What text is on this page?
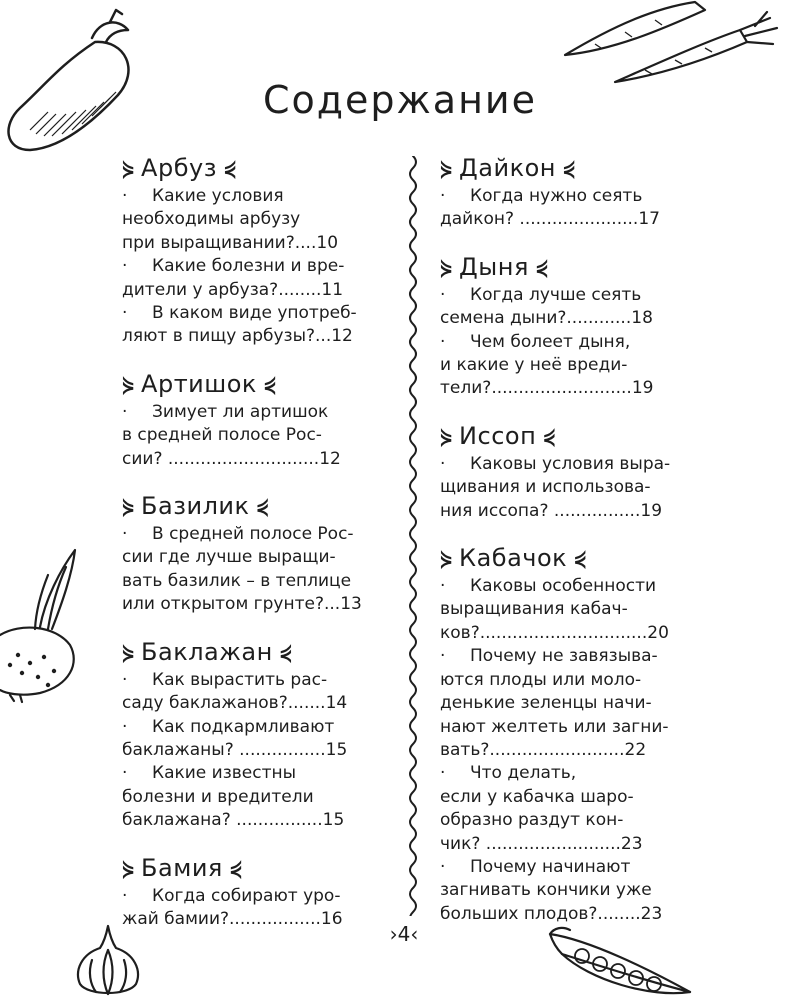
Содержание
⋟ Арбуз ⋞
· Какие условия
необходимы арбузу
при выращивании?....10
· Какие болезни и вре-
дители у арбуза?........11
· В каком виде употреб-
ляют в пищу арбузы?...12
⋟ Артишок ⋞
· Зимует ли артишок
в средней полосе Рос-
сии? ............................12
⋟ Базилик ⋞
· В средней полосе Рос-
сии где лучше выращи-
вать базилик – в теплице
или открытом грунте?...13
⋟ Баклажан ⋞
· Как вырастить рас-
саду баклажанов?.......14
· Как подкармливают
баклажаны? ................15
· Какие известны
болезни и вредители
баклажана? ................15
⋟ Бамия ⋞
· Когда собирают уро-
жай бамии?.................16
⋟ Дайкон ⋞
· Когда нужно сеять
дайкон? ......................17
⋟ Дыня ⋞
· Когда лучше сеять
семена дыни?............18
· Чем болеет дыня,
и какие у неё вреди-
тели?..........................19
⋟ Иссоп ⋞
· Каковы условия выра-
щивания и использова-
ния иссопа? ................19
⋟ Кабачок ⋞
· Каковы особенности
выращивания кабач-
ков?...............................20
· Почему не завязыва-
ются плоды или моло-
денькие зеленцы начи-
нают желтеть или загни-
вать?.........................22
· Что делать,
если у кабачка шаро-
образно раздут кон-
чик? .........................23
· Почему начинают
загнивать кончики уже
больших плодов?........23
›4‹
